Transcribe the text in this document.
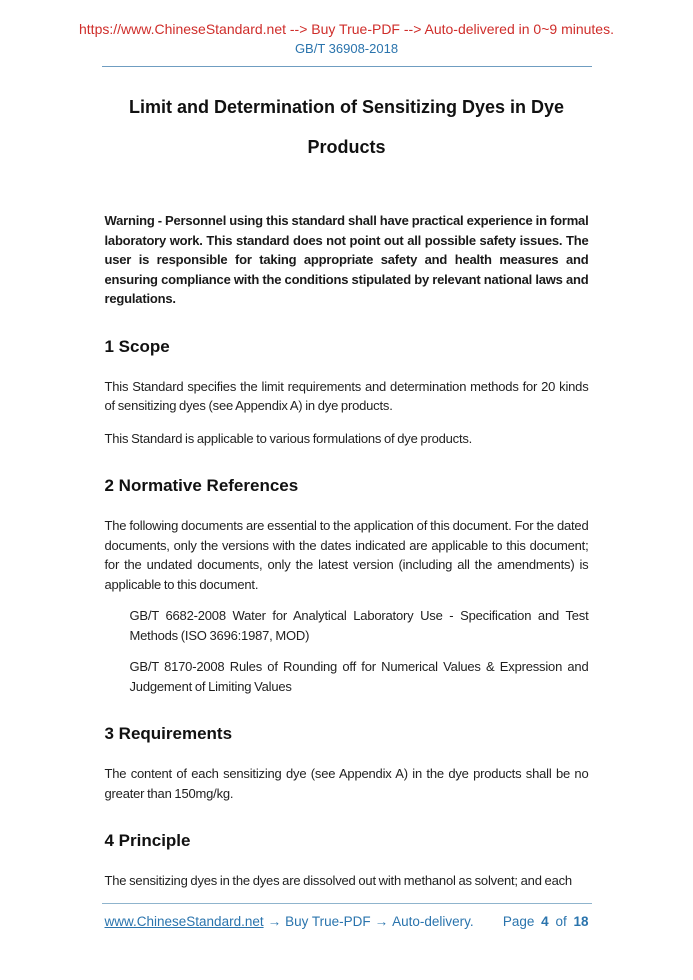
https://www.ChineseStandard.net --> Buy True-PDF --> Auto-delivered in 0~9 minutes.
GB/T 36908-2018
Limit and Determination of Sensitizing Dyes in Dye
Products

Warning - Personnel using this standard shall have practical experience in formal laboratory work. This standard does not point out all possible safety issues. The user is responsible for taking appropriate safety and health measures and ensuring compliance with the conditions stipulated by relevant national laws and regulations.

1 Scope

This Standard specifies the limit requirements and determination methods for 20 kinds of sensitizing dyes (see Appendix A) in dye products.

This Standard is applicable to various formulations of dye products.

2 Normative References

The following documents are essential to the application of this document. For the dated documents, only the versions with the dates indicated are applicable to this document; for the undated documents, only the latest version (including all the amendments) is applicable to this document.

GB/T 6682-2008 Water for Analytical Laboratory Use - Specification and Test Methods (ISO 3696:1987, MOD)

GB/T 8170-2008 Rules of Rounding off for Numerical Values & Expression and Judgement of Limiting Values

3 Requirements

The content of each sensitizing dye (see Appendix A) in the dye products shall be no greater than 150mg/kg.

4 Principle

The sensitizing dyes in the dyes are dissolved out with methanol as solvent; and each

www.ChineseStandard.net → Buy True-PDF → Auto-delivery. Page 4 of 18
